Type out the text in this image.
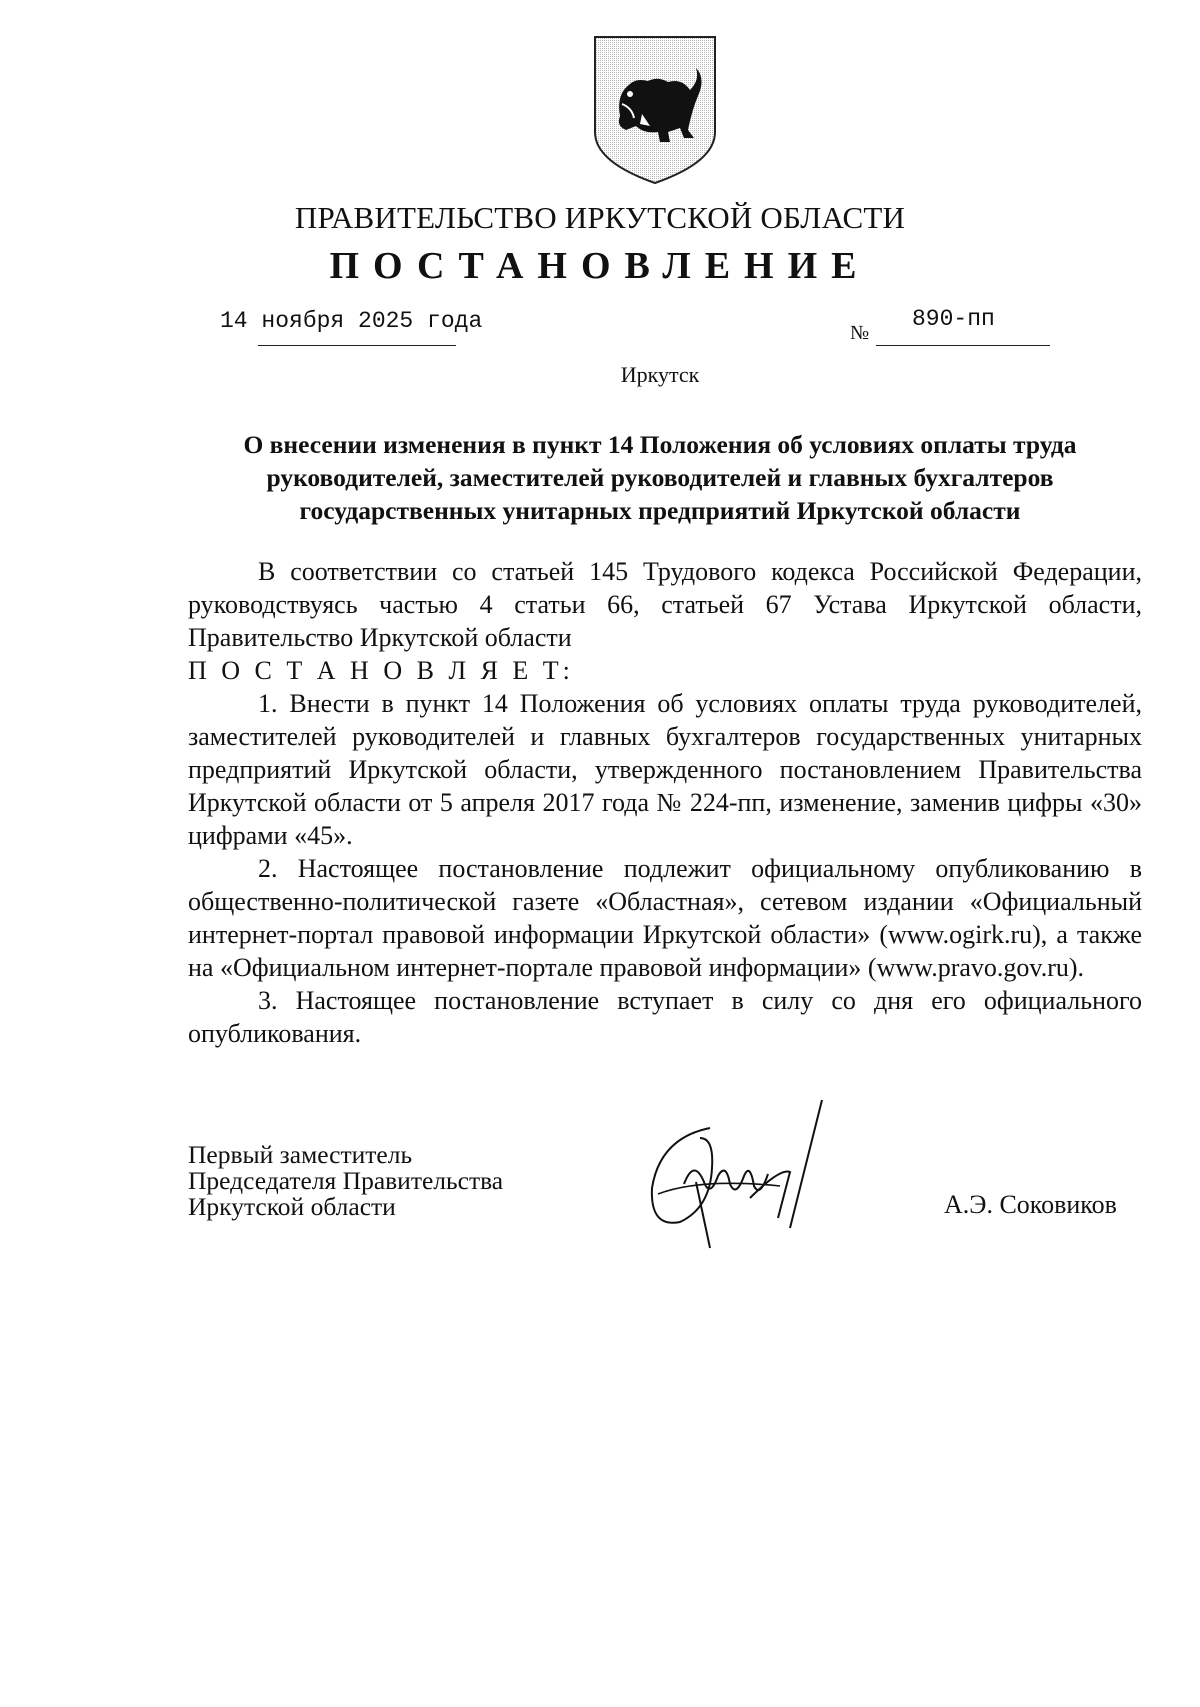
ПРАВИТЕЛЬСТВО ИРКУТСКОЙ ОБЛАСТИ
ПОСТАНОВЛЕНИЕ
14 ноября 2025 года	№
890-пп
Иркутск
О внесении изменения в пункт 14 Положения об условиях оплаты труда
руководителей, заместителей руководителей и главных бухгалтеров
государственных унитарных предприятий Иркутской области

В соответствии со статьей 145 Трудового кодекса Российской Федерации, руководствуясь частью 4 статьи 66, статьей 67 Устава Иркутской области, Правительство Иркутской области

П О С Т А Н О В Л Я Е Т:

1. Внести в пункт 14 Положения об условиях оплаты труда руководителей, заместителей руководителей и главных бухгалтеров государственных унитарных предприятий Иркутской области, утвержденного постановлением Правительства Иркутской области от 5 апреля 2017 года № 224-пп, изменение, заменив цифры «30» цифрами «45».

2. Настоящее постановление подлежит официальному опубликованию в общественно-политической газете «Областная», сетевом издании «Официальный интернет-портал правовой информации Иркутской области» (www.ogirk.ru), а также на «Официальном интернет-портале правовой информации» (www.pravo.gov.ru).

3. Настоящее постановление вступает в силу со дня его официального опубликования.

Первый заместитель
Председателя Правительства
Иркутской области	А.Э. Соковиков
